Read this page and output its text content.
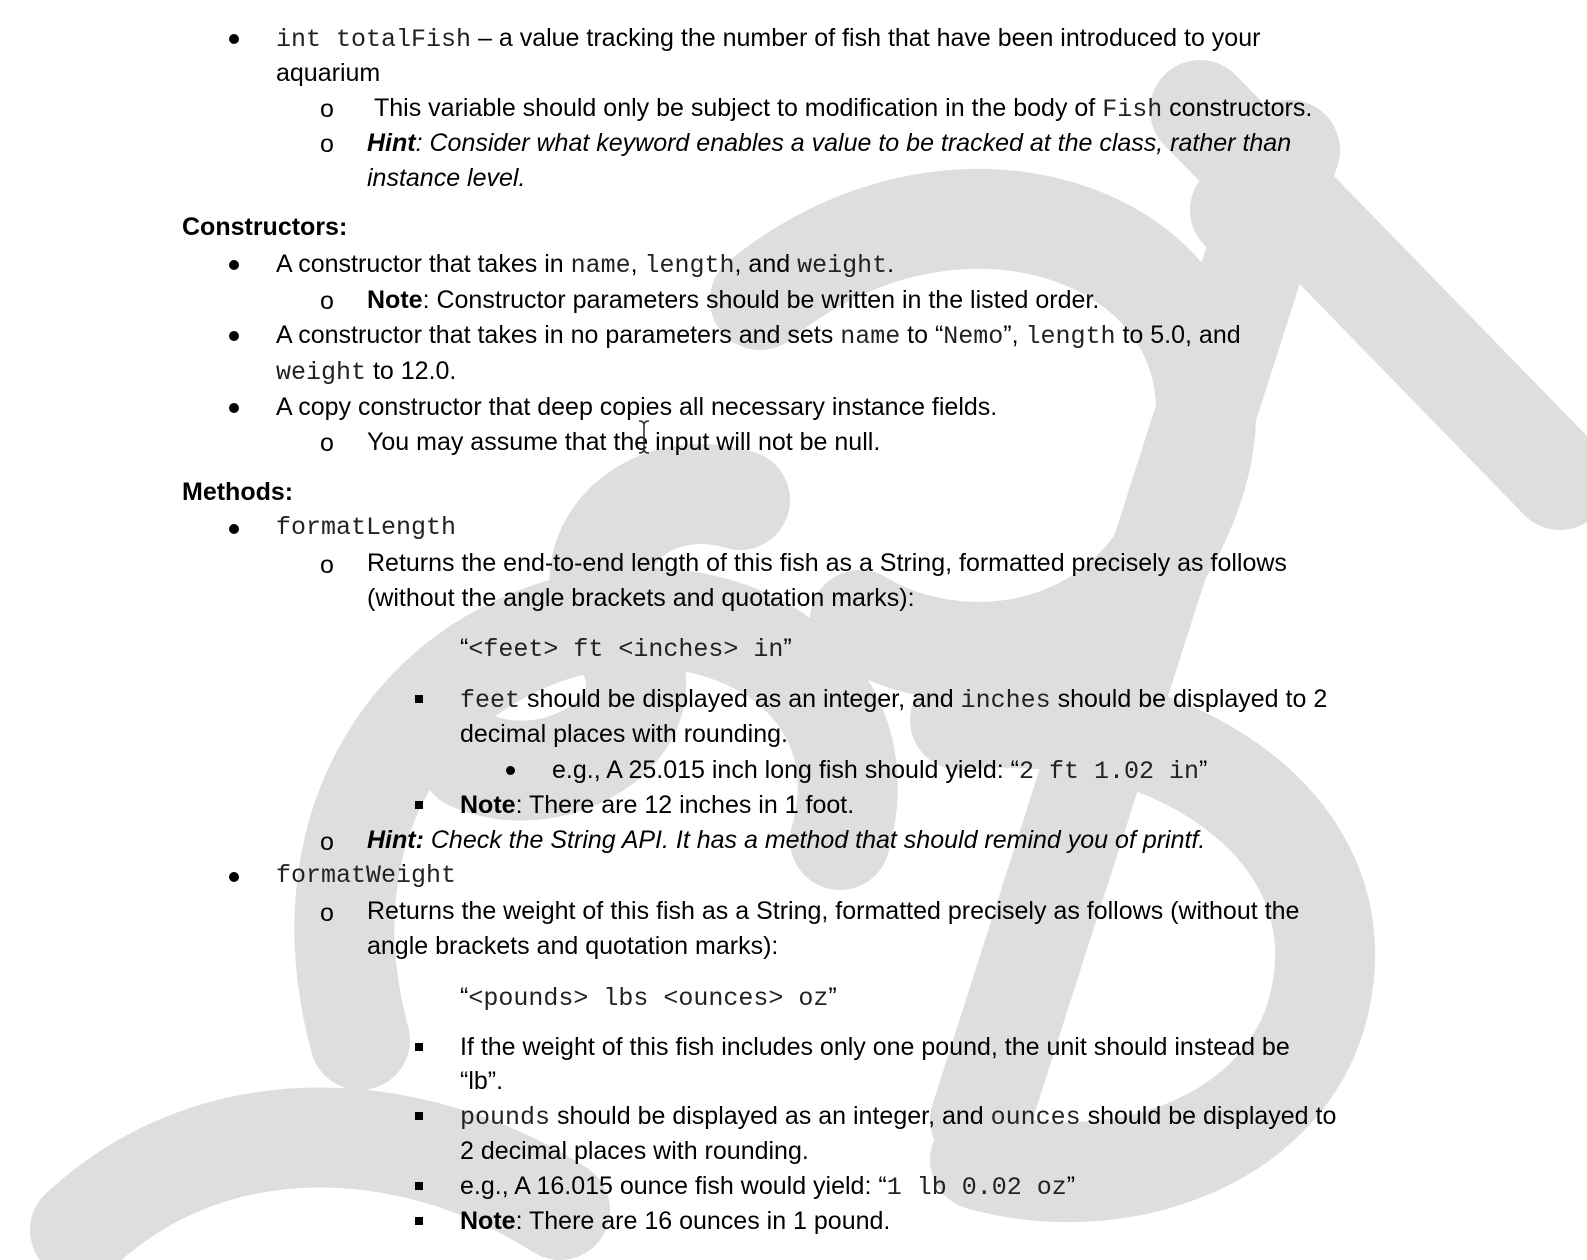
int totalFish – a value tracking the number of fish that have been introduced to your
aquarium
o This variable should only be subject to modification in the body of Fish constructors.
o Hint: Consider what keyword enables a value to be tracked at the class, rather than
instance level.
Constructors:
A constructor that takes in name, length, and weight.
o Note: Constructor parameters should be written in the listed order.
A constructor that takes in no parameters and sets name to “Nemo”, length to 5.0, and
weight to 12.0.
A copy constructor that deep copies all necessary instance fields.
o You may assume that the input will not be null.
Methods:
formatLength
o Returns the end-to-end length of this fish as a String, formatted precisely as follows
(without the angle brackets and quotation marks):
“<feet> ft <inches> in”
feet should be displayed as an integer, and inches should be displayed to 2
decimal places with rounding.
e.g., A 25.015 inch long fish should yield: “2 ft 1.02 in”
Note: There are 12 inches in 1 foot.
o Hint: Check the String API. It has a method that should remind you of printf.
formatWeight
o Returns the weight of this fish as a String, formatted precisely as follows (without the
angle brackets and quotation marks):
“<pounds> lbs <ounces> oz”
If the weight of this fish includes only one pound, the unit should instead be
“lb”.
pounds should be displayed as an integer, and ounces should be displayed to
2 decimal places with rounding.
e.g., A 16.015 ounce fish would yield: “1 lb 0.02 oz”
Note: There are 16 ounces in 1 pound.
